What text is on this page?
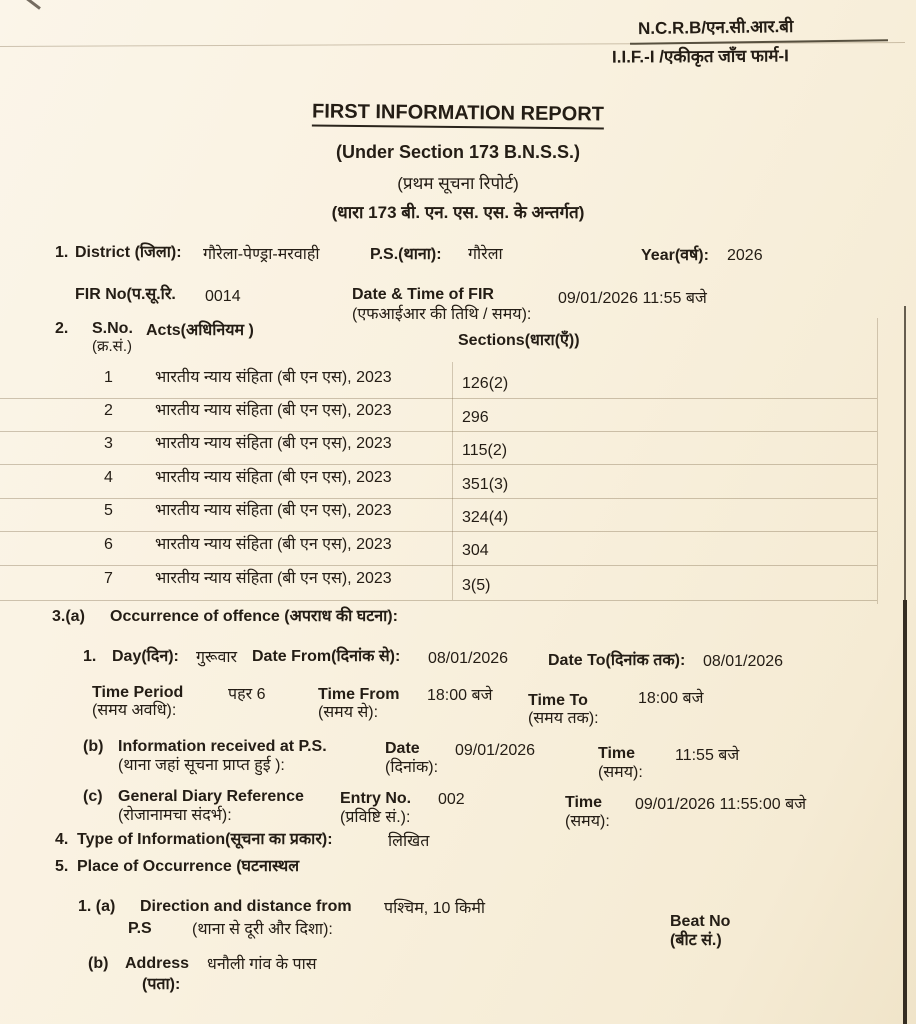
N.C.R.B/एन.सी.आर.बी
I.I.F.-I /एकीकृत जाँच फार्म-I
FIRST INFORMATION REPORT
(Under Section 173 B.N.S.S.)
(प्रथम सूचना रिपोर्ट)
(धारा 173 बी. एन. एस. एस. के अन्तर्गत)
1. District (जिला): गौरेला-पेण्ड्रा-मरवाही	P.S.(थाना): गौरेला	Year(वर्ष): 2026
FIR No(प.सू.रि. 0014	Date & Time of FIR
(एफआईआर की तिथि / समय):
09/01/2026 11:55 बजे
2. S.No.
(क्र.सं.)
Acts(अधिनियम )
Sections(धारा(एँ))
1	भारतीय न्याय संहिता (बी एन एस), 2023	126(2)
2	भारतीय न्याय संहिता (बी एन एस), 2023	296
3	भारतीय न्याय संहिता (बी एन एस), 2023	115(2)
4	भारतीय न्याय संहिता (बी एन एस), 2023	351(3)
5	भारतीय न्याय संहिता (बी एन एस), 2023	324(4)
6	भारतीय न्याय संहिता (बी एन एस), 2023	304
7	भारतीय न्याय संहिता (बी एन एस), 2023	3(5)
3.(a) Occurrence of offence (अपराध की घटना):
1. Day(दिन): गुरूवार Date From(दिनांक से): 08/01/2026 Date To(दिनांक तक): 08/01/2026
Time Period
(समय अवधि):
पहर 6	Time From
(समय से):
18:00 बजे Time To
(समय तक):
18:00 बजे
(b) Information received at P.S.
(थाना जहां सूचना प्राप्त हुई ):
Date
(दिनांक):
09/01/2026	Time
(समय):
11:55 बजे
(c) General Diary Reference
(रोजानामचा संदर्भ):
Entry No.
(प्रविष्टि सं.):
002	Time
(समय):
09/01/2026 11:55:00 बजे
4. Type of Information(सूचना का प्रकार):	लिखित
5. Place of Occurrence (घटनास्थल
1. (a) Direction and distance from पश्चिम, 10 किमी
P.S	(थाना से दूरी और दिशा):	Beat No
(बीट सं.)
(b) Address धनौली गांव के पास
(पता):
